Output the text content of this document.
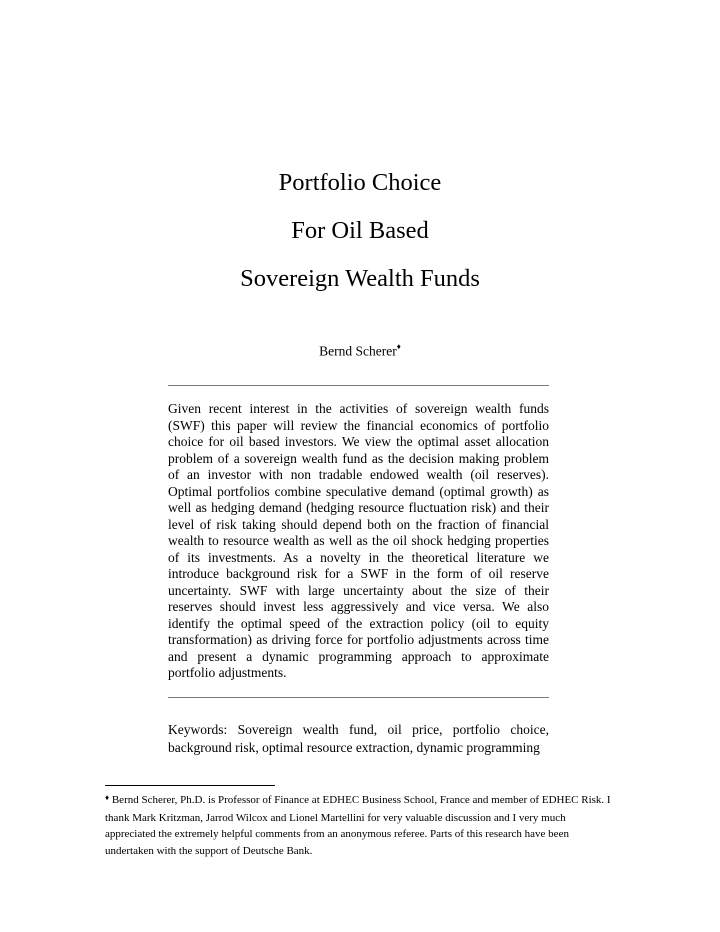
Portfolio Choice
For Oil Based
Sovereign Wealth Funds
Bernd Scherer♦

Given recent interest in the activities of sovereign wealth funds (SWF) this paper will review the financial economics of portfolio choice for oil based investors. We view the optimal asset allocation problem of a sovereign wealth fund as the decision making problem of an investor with non tradable endowed wealth (oil reserves). Optimal portfolios combine speculative demand (optimal growth) as well as hedging demand (hedging resource fluctuation risk) and their level of risk taking should depend both on the fraction of financial wealth to resource wealth as well as the oil shock hedging properties of its investments. As a novelty in the theoretical literature we introduce background risk for a SWF in the form of oil reserve uncertainty. SWF with large uncertainty about the size of their reserves should invest less aggressively and vice versa. We also identify the optimal speed of the extraction policy (oil to equity transformation) as driving force for portfolio adjustments across time and present a dynamic programming approach to approximate portfolio adjustments.

Keywords: Sovereign wealth fund, oil price, portfolio choice, background risk, optimal resource extraction, dynamic programming

♦ Bernd Scherer, Ph.D. is Professor of Finance at EDHEC Business School, France and member of EDHEC Risk. I thank Mark Kritzman, Jarrod Wilcox and Lionel Martellini for very valuable discussion and I very much appreciated the extremely helpful comments from an anonymous referee. Parts of this research have been undertaken with the support of Deutsche Bank.
